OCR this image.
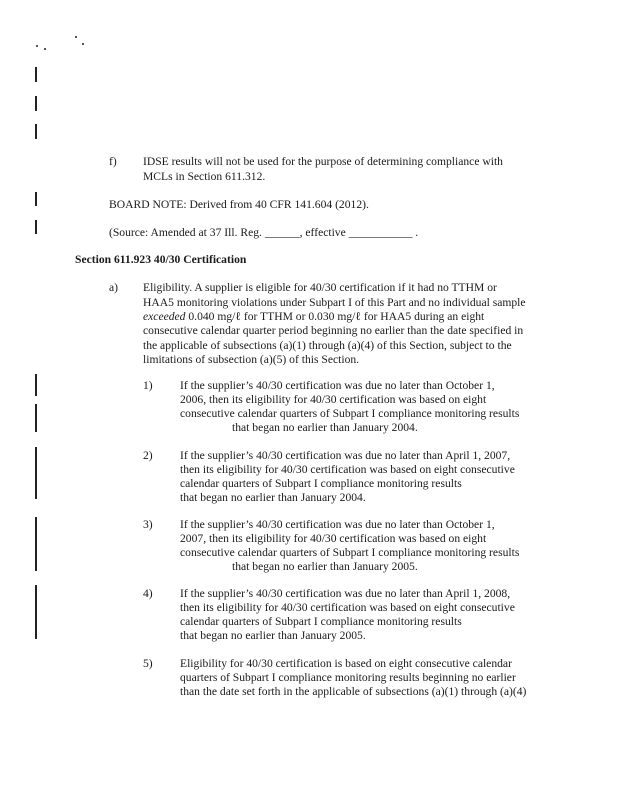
f) IDSE results will not be used for the purpose of determining compliance with
MCLs in Section 611.312.
BOARD NOTE: Derived from 40 CFR 141.604 (2012).
(Source: Amended at 37 Ill. Reg. ______, effective ___________ .
Section 611.923 40/30 Certification
a) Eligibility. A supplier is eligible for 40/30 certification if it had no TTHM or
HAA5 monitoring violations under Subpart I of this Part and no individual sample
exceeded 0.040 mg/ℓ for TTHM or 0.030 mg/ℓ for HAA5 during an eight
consecutive calendar quarter period beginning no earlier than the date specified in
the applicable of subsections (a)(1) through (a)(4) of this Section, subject to the
limitations of subsection (a)(5) of this Section.
1) If the supplier’s 40/30 certification was due no later than October 1,
2006, then its eligibility for 40/30 certification was based on eight
consecutive calendar quarters of Subpart I compliance monitoring results
that began no earlier than January 2004.
2) If the supplier’s 40/30 certification was due no later than April 1, 2007,
then its eligibility for 40/30 certification was based on eight consecutive
calendar quarters of Subpart I compliance monitoring results
that began no earlier than January 2004.
3) If the supplier’s 40/30 certification was due no later than October 1,
2007, then its eligibility for 40/30 certification was based on eight
consecutive calendar quarters of Subpart I compliance monitoring results
that began no earlier than January 2005.
4) If the supplier’s 40/30 certification was due no later than April 1, 2008,
then its eligibility for 40/30 certification was based on eight consecutive
calendar quarters of Subpart I compliance monitoring results
that began no earlier than January 2005.
5) Eligibility for 40/30 certification is based on eight consecutive calendar
quarters of Subpart I compliance monitoring results beginning no earlier
than the date set forth in the applicable of subsections (a)(1) through (a)(4)
